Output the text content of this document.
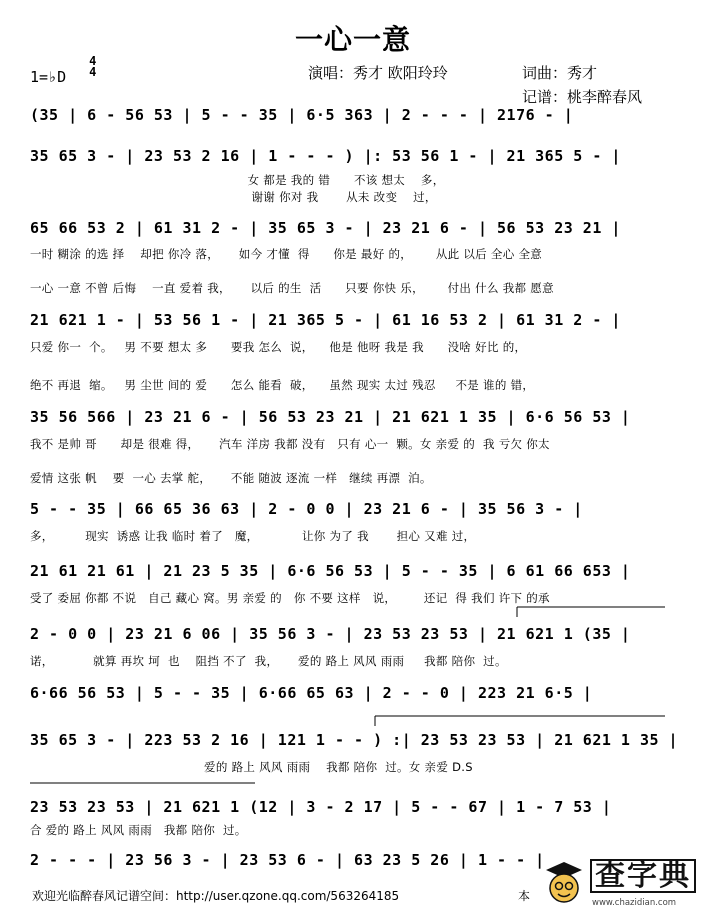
一心一意
1=♭D
4
4	演唱：秀才 欧阳玲玲	词曲：秀才
记谱：桃李醉春风
(35 | 6 - 56 53 | 5 - - 35 | 6·5 363 | 2 - - - | 2176 - |
35 65 3 - | 23 53 2 16 | 1 - - - ) |: 53 56 1 - | 21 365 5 - |
女 都是 我的 错      不该 想太    多，
谢谢 你对 我       从未 改变    过，
65 66 53 2 | 61 31 2 - | 35 65 3 - | 23 21 6 - | 56 53 23 21 |
一时 糊涂 的选 择    却把 你冷 落，     如今 才懂  得      你是 最好 的，      从此 以后 全心 全意
一心 一意 不曾 后悔    一直 爱着 我，     以后 的生  活      只要 你快 乐，      付出 什么 我都 愿意
21 621 1 - | 53 56 1 - | 21 365 5 - | 61 16 53 2 | 61 31 2 - |
只爱 你一  个。   男 不要 想太 多      要我 怎么  说，    他是 他呀 我是 我      没啥 好比 的，
绝不 再退  缩。   男 尘世 间的 爱      怎么 能看  破，    虽然 现实 太过 残忍     不是 谁的 错，
35 56 566 | 23 21 6 - | 56 53 23 21 | 21 621 1 35 | 6·6 56 53 |
我不 是帅 哥      却是 很难 得，     汽车 洋房 我都 没有   只有 心一  颗。女 亲爱 的  我 亏欠 你太
爱情 这张 帆    要  一心 去掌 舵，     不能 随波 逐流 一样   继续 再漂  泊。
5 - - 35 | 66 65 36 63 | 2 - 0 0 | 23 21 6 - | 35 56 3 - |
多，        现实  诱惑 让我 临时 着了   魔，           让你 为了 我       担心 又难 过，
21 61 21 61 | 21 23 5 35 | 6·6 56 53 | 5 - - 35 | 6 61 66 653 |
受了 委屈 你都 不说   自己 藏心 窝。男 亲爱 的   你 不要 这样   说，       还记  得 我们 许下 的承
2 - 0 0 | 23 21 6 06 | 35 56 3 - | 23 53 23 53 | 21 621 1 (35 |
诺，          就算 再坎 坷  也    阻挡 不了  我，     爱的 路上 风风 雨雨     我都 陪你  过。
6·66 56 53 | 5 - - 35 | 6·66 65 63 | 2 - - 0 | 223 21 6·5 |
35 65 3 - | 223 53 2 16 | 121 1 - - ) :| 23 53 23 53 | 21 621 1 35 |
爱的 路上 风风 雨雨    我都 陪你  过。女 亲爱 D.S
23 53 23 53 | 21 621 1 (12 | 3 - 2 17 | 5 - - 67 | 1 - 7 53 |
合 爱的 路上 风风 雨雨   我都 陪你  过。
2 - - - | 23 56 3 - | 23 53 6 - | 63 23 5 26 | 1 - - |
欢迎光临醉春风记谱空间：http://user.qzone.qq.com/563264185	本
查字典
www.chazidian.com
